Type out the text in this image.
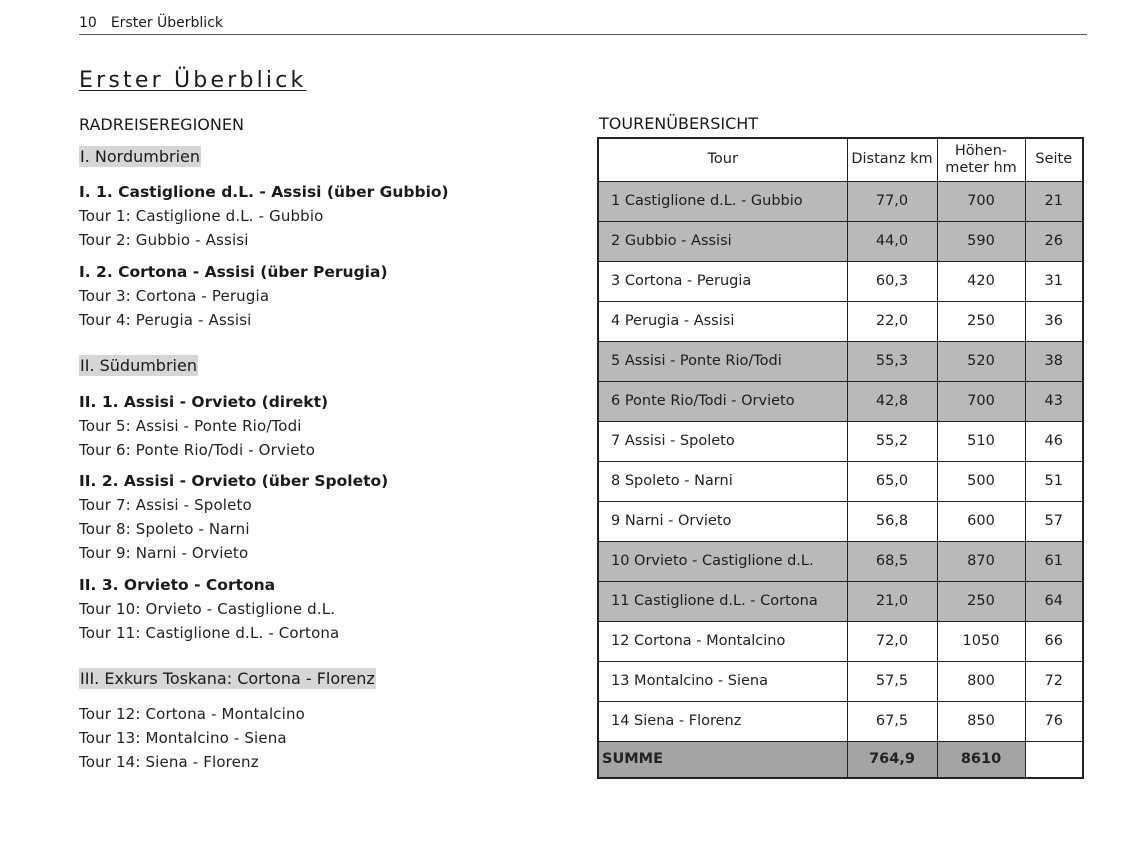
10 Erster Überblick
Erster Überblick
RADREISEREGIONEN
I. Nordumbrien
I. 1. Castiglione d.L. - Assisi (über Gubbio)
Tour 1: Castiglione d.L. - Gubbio
Tour 2: Gubbio - Assisi
I. 2. Cortona - Assisi (über Perugia)
Tour 3: Cortona - Perugia
Tour 4: Perugia - Assisi
II. Südumbrien
II. 1. Assisi - Orvieto (direkt)
Tour 5: Assisi - Ponte Rio/Todi
Tour 6: Ponte Rio/Todi - Orvieto
II. 2. Assisi - Orvieto (über Spoleto)
Tour 7: Assisi - Spoleto
Tour 8: Spoleto - Narni
Tour 9: Narni - Orvieto
II. 3. Orvieto - Cortona
Tour 10: Orvieto - Castiglione d.L.
Tour 11: Castiglione d.L. - Cortona
III. Exkurs Toskana: Cortona - Florenz
Tour 12: Cortona - Montalcino
Tour 13: Montalcino - Siena
Tour 14: Siena - Florenz
TOURENÜBERSICHT
Tour	Distanz km	Höhen- meter hm	Seite
1 Castiglione d.L. - Gubbio	77,0	700	21
2 Gubbio - Assisi	44,0	590	26
3 Cortona - Perugia	60,3	420	31
4 Perugia - Assisi	22,0	250	36
5 Assisi - Ponte Rio/Todi	55,3	520	38
6 Ponte Rio/Todi - Orvieto	42,8	700	43
7 Assisi - Spoleto	55,2	510	46
8 Spoleto - Narni	65,0	500	51
9 Narni - Orvieto	56,8	600	57
10 Orvieto - Castiglione d.L.	68,5	870	61
11 Castiglione d.L. - Cortona	21,0	250	64
12 Cortona - Montalcino	72,0	1050	66
13 Montalcino - Siena	57,5	800	72
14 Siena - Florenz	67,5	850	76
SUMME	764,9	8610	
